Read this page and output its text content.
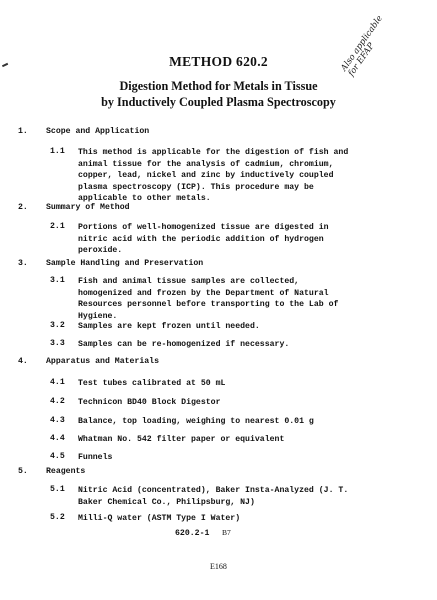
METHOD 620.2
Digestion Method for Metals in Tissue
by Inductively Coupled Plasma Spectroscopy
Also applicable
for EFAP
1. Scope and Application
1.1 This method is applicable for the digestion of fish and
animal tissue for the analysis of cadmium, chromium,
copper, lead, nickel and zinc by inductively coupled
plasma spectroscopy (ICP). This procedure may be
applicable to other metals.
2. Summary of Method
2.1 Portions of well-homogenized tissue are digested in
nitric acid with the periodic addition of hydrogen
peroxide.
3. Sample Handling and Preservation
3.1 Fish and animal tissue samples are collected,
homogenized and frozen by the Department of Natural
Resources personnel before transporting to the Lab of
Hygiene.
3.2 Samples are kept frozen until needed.
3.3 Samples can be re-homogenized if necessary.
4. Apparatus and Materials
4.1 Test tubes calibrated at 50 mL
4.2 Technicon BD40 Block Digestor
4.3 Balance, top loading, weighing to nearest 0.01 g
4.4 Whatman No. 542 filter paper or equivalent
4.5 Funnels
5. Reagents
5.1 Nitric Acid (concentrated), Baker Insta-Analyzed (J. T.
Baker Chemical Co., Philipsburg, NJ)
5.2 Milli-Q water (ASTM Type I Water)
620.2-1 B7
E168
